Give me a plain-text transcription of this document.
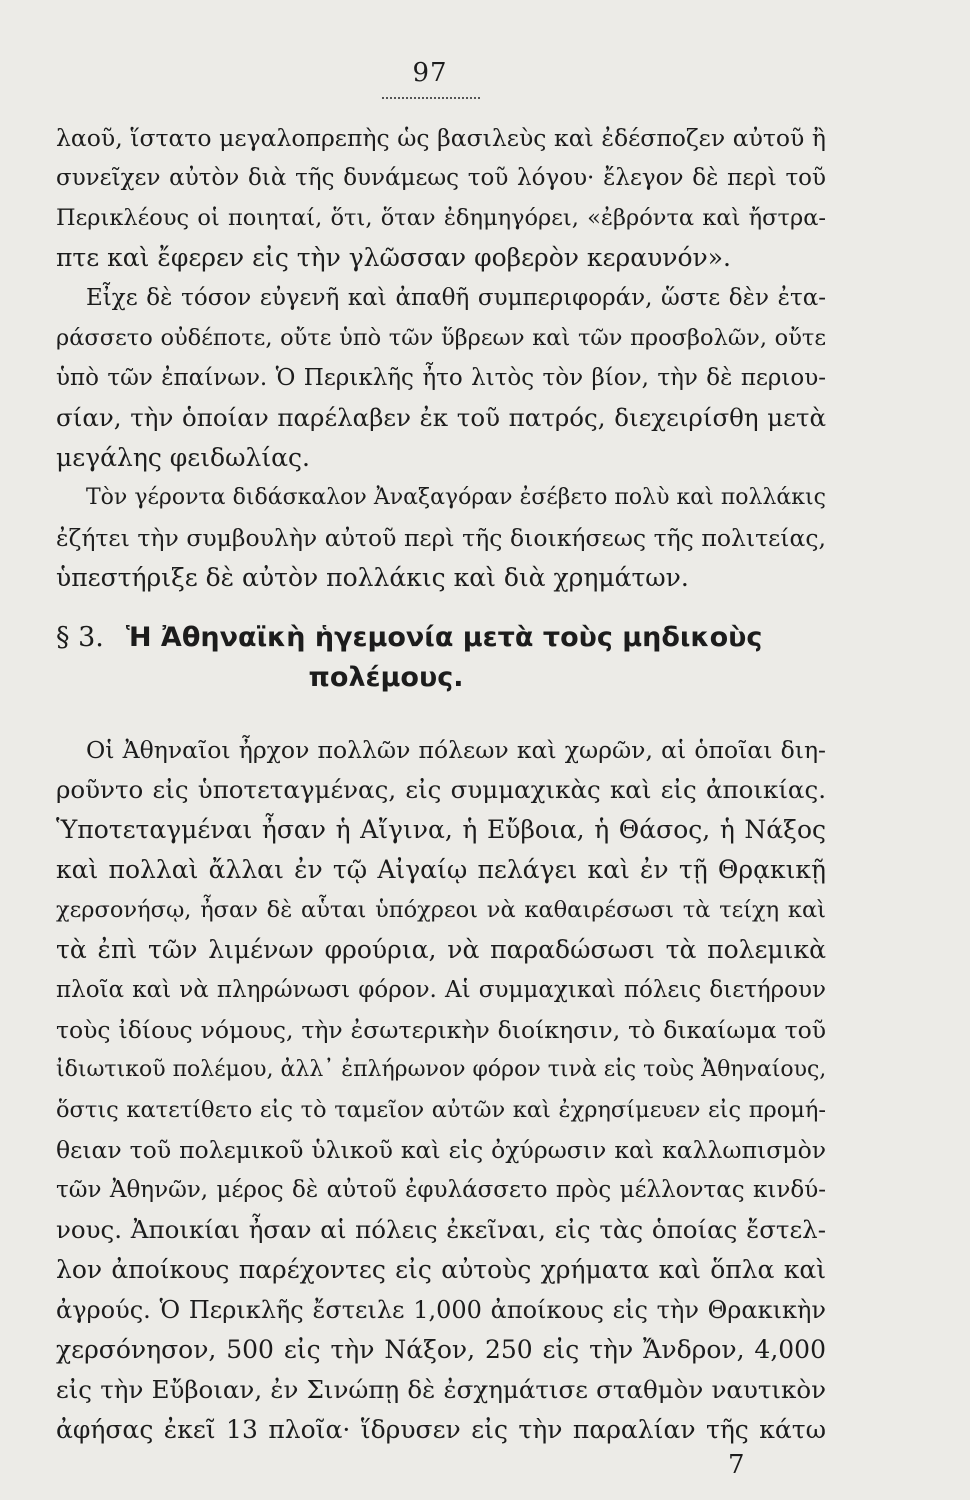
97
λαοῦ, ἵστατο μεγαλοπρεπὴς ὡς βασιλεὺς καὶ ἐδέσποζεν αὐτοῦ ἢ
συνεῖχεν αὐτὸν διὰ τῆς δυνάμεως τοῦ λόγου· ἔλεγον δὲ περὶ τοῦ
Περικλέους οἱ ποιηταί, ὅτι, ὅταν ἐδημηγόρει, «ἐβρόντα καὶ ἤστρα-
πτε καὶ ἔφερεν εἰς τὴν γλῶσσαν φοβερὸν κεραυνόν».
Εἶχε δὲ τόσον εὐγενῆ καὶ ἀπαθῆ συμπεριφοράν, ὥστε δὲν ἐτα-
ράσσετο οὐδέποτε, οὔτε ὑπὸ τῶν ὕβρεων καὶ τῶν προσβολῶν, οὔτε
ὑπὸ τῶν ἐπαίνων. Ὁ Περικλῆς ἦτο λιτὸς τὸν βίον, τὴν δὲ περιου-
σίαν, τὴν ὁποίαν παρέλαβεν ἐκ τοῦ πατρός, διεχειρίσθη μετὰ
μεγάλης φειδωλίας.
Τὸν γέροντα διδάσκαλον Ἀναξαγόραν ἐσέβετο πολὺ καὶ πολλάκις
ἐζήτει τὴν συμβουλὴν αὐτοῦ περὶ τῆς διοικήσεως τῆς πολιτείας,
ὑπεστήριξε δὲ αὐτὸν πολλάκις καὶ διὰ χρημάτων.
§ 3. Ἡ Ἀθηναϊκὴ ἡγεμονία μετὰ τοὺς μηδικοὺς
πολέμους.
Οἱ Ἀθηναῖοι ἦρχον πολλῶν πόλεων καὶ χωρῶν, αἱ ὁποῖαι διη-
ροῦντο εἰς ὑποτεταγμένας, εἰς συμμαχικὰς καὶ εἰς ἀποικίας.
Ὑποτεταγμέναι ἦσαν ἡ Αἴγινα, ἡ Εὔβοια, ἡ Θάσος, ἡ Νάξος
καὶ πολλαὶ ἄλλαι ἐν τῷ Αἰγαίῳ πελάγει καὶ ἐν τῇ Θρᾳκικῇ
χερσονήσῳ, ἦσαν δὲ αὗται ὑπόχρεοι νὰ καθαιρέσωσι τὰ τείχη καὶ
τὰ ἐπὶ τῶν λιμένων φρούρια, νὰ παραδώσωσι τὰ πολεμικὰ
πλοῖα καὶ νὰ πληρώνωσι φόρον. Αἱ συμμαχικαὶ πόλεις διετήρουν
τοὺς ἰδίους νόμους, τὴν ἐσωτερικὴν διοίκησιν, τὸ δικαίωμα τοῦ
ἰδιωτικοῦ πολέμου, ἀλλ᾽ ἐπλήρωνον φόρον τινὰ εἰς τοὺς Ἀθηναίους,
ὅστις κατετίθετο εἰς τὸ ταμεῖον αὐτῶν καὶ ἐχρησίμευεν εἰς προμή-
θειαν τοῦ πολεμικοῦ ὑλικοῦ καὶ εἰς ὀχύρωσιν καὶ καλλωπισμὸν
τῶν Ἀθηνῶν, μέρος δὲ αὐτοῦ ἐφυλάσσετο πρὸς μέλλοντας κινδύ-
νους. Ἀποικίαι ἦσαν αἱ πόλεις ἐκεῖναι, εἰς τὰς ὁποίας ἔστελ-
λον ἀποίκους παρέχοντες εἰς αὐτοὺς χρήματα καὶ ὅπλα καὶ
ἀγρούς. Ὁ Περικλῆς ἔστειλε 1,000 ἀποίκους εἰς τὴν Θρακικὴν
χερσόνησον, 500 εἰς τὴν Νάξον, 250 εἰς τὴν Ἄνδρον, 4,000
εἰς τὴν Εὔβοιαν, ἐν Σινώπῃ δὲ ἐσχημάτισε σταθμὸν ναυτικὸν
ἀφήσας ἐκεῖ 13 πλοῖα· ἵδρυσεν εἰς τὴν παραλίαν τῆς κάτω
7
